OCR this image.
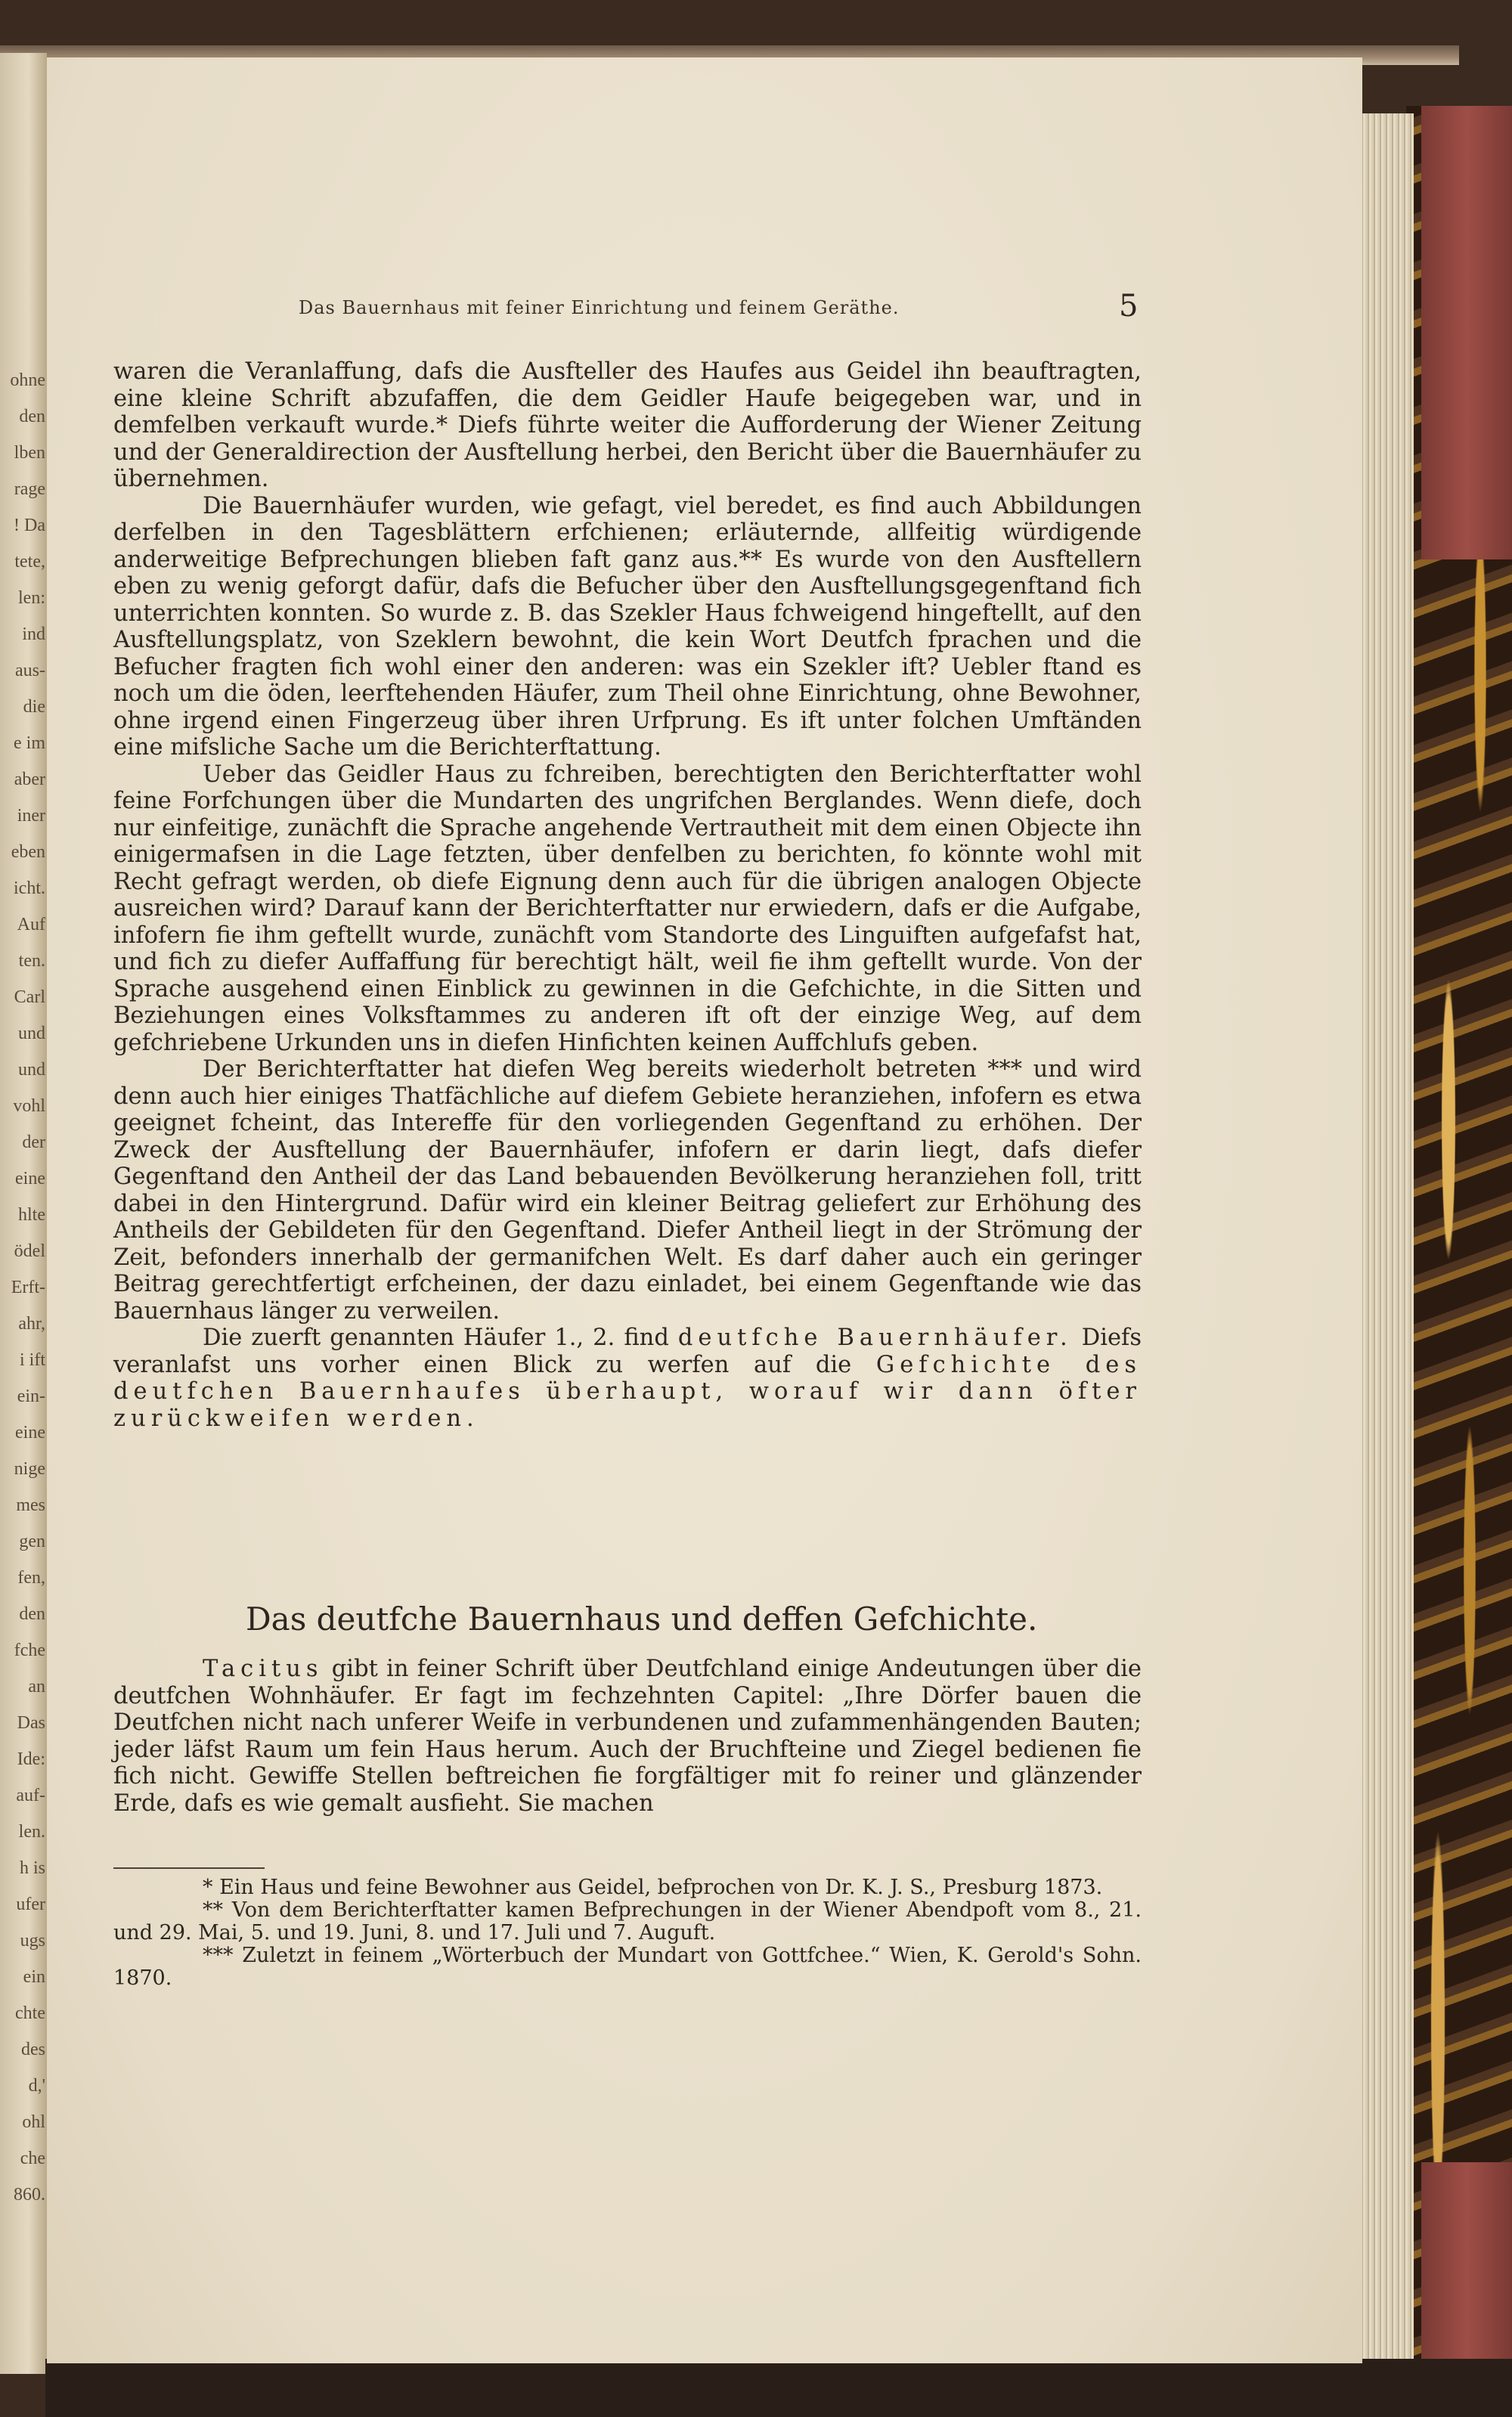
ohne
den
lben
rage
! Da
tete,
len:
ind
aus-
die
e im
aber
iner
eben
icht.
Auf
ten.
Carl
und
und
vohl
der
eine
hlte
ödel
Erft-
ahr,
i ift
ein-
eine
nige
mes
gen
fen,
den
fche
an
Das
Ide:
auf-
len.
h is
ufer
ugs
ein
chte
des
d,'
ohl
che
860.
Das Bauernhaus mit feiner Einrichtung und feinem Geräthe.	5

waren die Veranlaffung, dafs die Ausfteller des Haufes aus Geidel ihn beauftragten, eine kleine Schrift abzufaffen, die dem Geidler Haufe beigegeben war, und in demfelben verkauft wurde.* Diefs führte weiter die Aufforderung der Wiener Zeitung und der Generaldirection der Ausftellung herbei, den Bericht über die Bauernhäufer zu übernehmen.

Die Bauernhäufer wurden, wie gefagt, viel beredet, es find auch Abbildungen derfelben in den Tagesblättern erfchienen; erläuternde, allfeitig würdigende anderweitige Befprechungen blieben faft ganz aus.** Es wurde von den Ausftellern eben zu wenig geforgt dafür, dafs die Befucher über den Ausftellungsgegenftand fich unterrichten konnten. So wurde z. B. das Szekler Haus fchweigend hingeftellt, auf den Ausftellungsplatz, von Szeklern bewohnt, die kein Wort Deutfch fprachen und die Befucher fragten fich wohl einer den anderen: was ein Szekler ift? Uebler ftand es noch um die öden, leerftehenden Häufer, zum Theil ohne Einrichtung, ohne Bewohner, ohne irgend einen Fingerzeug über ihren Urfprung. Es ift unter folchen Umftänden eine mifsliche Sache um die Berichterftattung.

Ueber das Geidler Haus zu fchreiben, berechtigten den Berichterftatter wohl feine Forfchungen über die Mundarten des ungrifchen Berglandes. Wenn diefe, doch nur einfeitige, zunächft die Sprache angehende Vertrautheit mit dem einen Objecte ihn einigermafsen in die Lage fetzten, über denfelben zu berichten, fo könnte wohl mit Recht gefragt werden, ob diefe Eignung denn auch für die übrigen analogen Objecte ausreichen wird? Darauf kann der Berichterftatter nur erwiedern, dafs er die Aufgabe, infofern fie ihm geftellt wurde, zunächft vom Standorte des Linguiften aufgefafst hat, und fich zu diefer Auffaffung für berechtigt hält, weil fie ihm geftellt wurde. Von der Sprache ausgehend einen Einblick zu gewinnen in die Gefchichte, in die Sitten und Beziehungen eines Volksftammes zu anderen ift oft der einzige Weg, auf dem gefchriebene Urkunden uns in diefen Hinfichten keinen Auffchlufs geben.

Der Berichterftatter hat diefen Weg bereits wiederholt betreten *** und wird denn auch hier einiges Thatfächliche auf diefem Gebiete heranziehen, infofern es etwa geeignet fcheint, das Intereffe für den vorliegenden Gegenftand zu erhöhen. Der Zweck der Ausftellung der Bauernhäufer, infofern er darin liegt, dafs diefer Gegenftand den Antheil der das Land bebauenden Bevölkerung heranziehen foll, tritt dabei in den Hintergrund. Dafür wird ein kleiner Beitrag geliefert zur Erhöhung des Antheils der Gebildeten für den Gegenftand. Diefer Antheil liegt in der Strömung der Zeit, befonders innerhalb der germanifchen Welt. Es darf daher auch ein geringer Beitrag gerechtfertigt erfcheinen, der dazu einladet, bei einem Gegenftande wie das Bauernhaus länger zu verweilen.

Die zuerft genannten Häufer 1., 2. find deutfche Bauernhäufer. Diefs veranlafst uns vorher einen Blick zu werfen auf die Gefchichte des deutfchen Bauernhaufes überhaupt, worauf wir dann öfter zurückweifen werden.

Das deutfche Bauernhaus und deffen Gefchichte.

Tacitus gibt in feiner Schrift über Deutfchland einige Andeutungen über die deutfchen Wohnhäufer. Er fagt im fechzehnten Capitel: „Ihre Dörfer bauen die Deutfchen nicht nach unferer Weife in verbundenen und zufammenhängenden Bauten; jeder läfst Raum um fein Haus herum. Auch der Bruchfteine und Ziegel bedienen fie fich nicht. Gewiffe Stellen beftreichen fie forgfältiger mit fo reiner und glänzender Erde, dafs es wie gemalt ausfieht. Sie machen

* Ein Haus und feine Bewohner aus Geidel, befprochen von Dr. K. J. S., Presburg 1873.

** Von dem Berichterftatter kamen Befprechungen in der Wiener Abendpoft vom 8., 21. und 29. Mai, 5. und 19. Juni, 8. und 17. Juli und 7. Auguft.

*** Zuletzt in feinem „Wörterbuch der Mundart von Gottfchee.“ Wien, K. Gerold's Sohn. 1870.
